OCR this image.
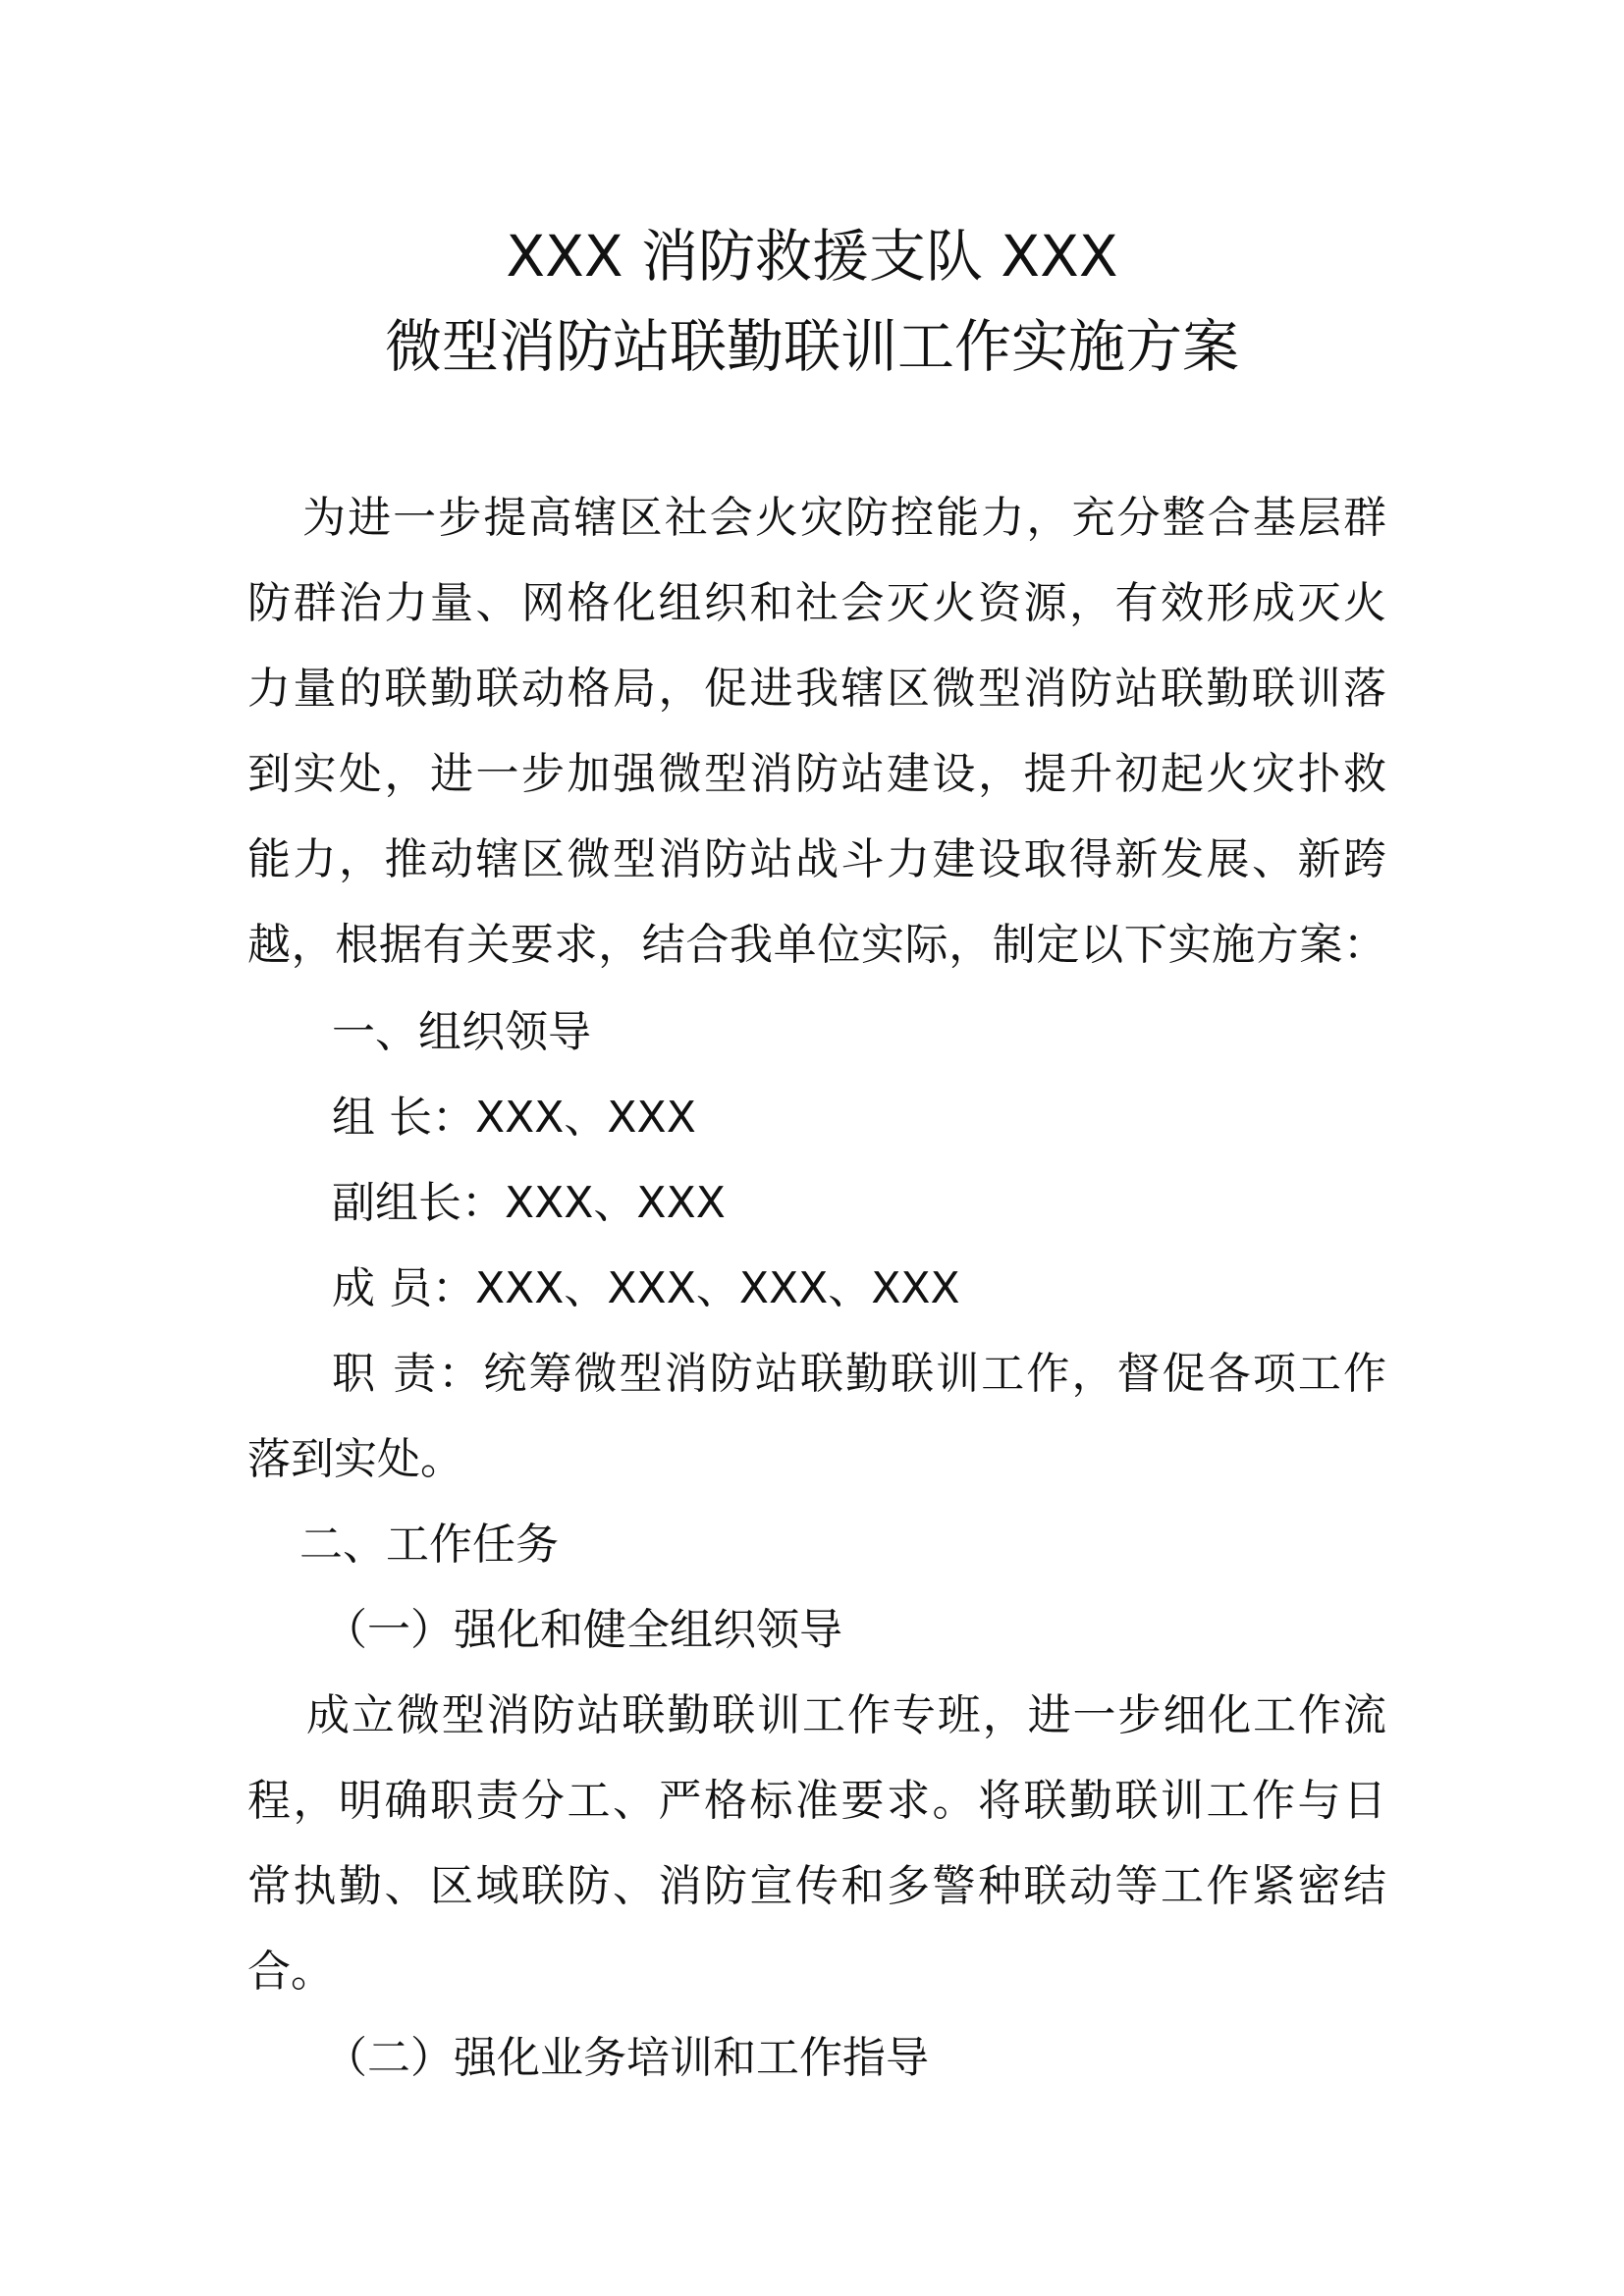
XXX 消防救援支队 XXX
微型消防站联勤联训工作实施方案
为进一步提高辖区社会火灾防控能力，充分整合基层群
防群治力量、网格化组织和社会灭火资源，有效形成灭火
力量的联勤联动格局，促进我辖区微型消防站联勤联训落
到实处，进一步加强微型消防站建设，提升初起火灾扑救
能力，推动辖区微型消防站战斗力建设取得新发展、新跨
越，根据有关要求，结合我单位实际，制定以下实施方案：
一、组织领导
组 长：XXX、XXX
副组长：XXX、XXX
成 员：XXX、XXX、XXX、XXX
职 责：统筹微型消防站联勤联训工作，督促各项工作
落到实处。
二、工作任务
（一）强化和健全组织领导
成立微型消防站联勤联训工作专班，进一步细化工作流
程，明确职责分工、严格标准要求。将联勤联训工作与日
常执勤、区域联防、消防宣传和多警种联动等工作紧密结
合。
（二）强化业务培训和工作指导
